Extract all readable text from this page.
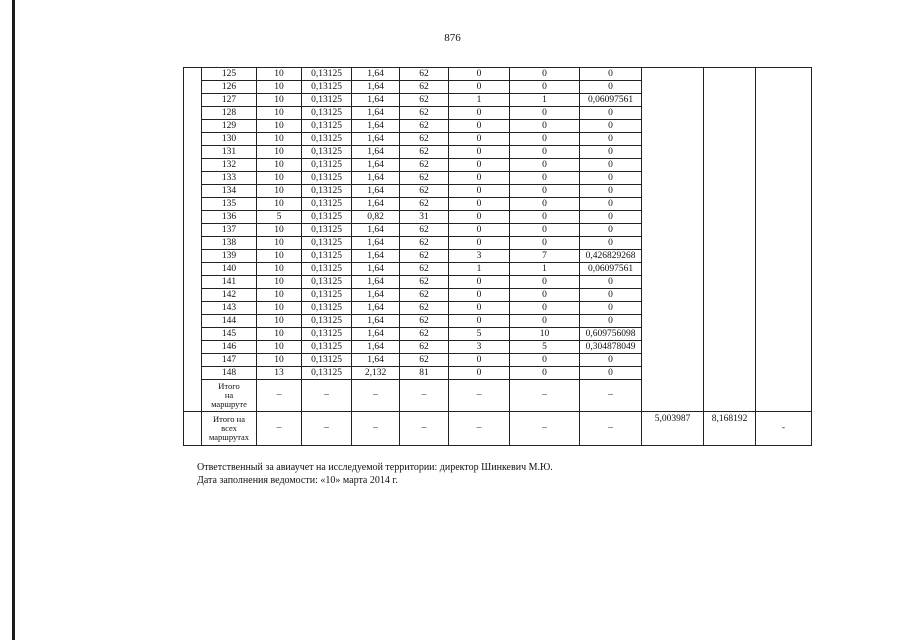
876
	125	10	0,13125	1,64	62	0	0	0			
	126	10	0,13125	1,64	62	0	0	0			
	127	10	0,13125	1,64	62	1	1	0,06097561			
	128	10	0,13125	1,64	62	0	0	0			
	129	10	0,13125	1,64	62	0	0	0			
	130	10	0,13125	1,64	62	0	0	0			
	131	10	0,13125	1,64	62	0	0	0			
	132	10	0,13125	1,64	62	0	0	0			
	133	10	0,13125	1,64	62	0	0	0			
	134	10	0,13125	1,64	62	0	0	0			
	135	10	0,13125	1,64	62	0	0	0			
	136	5	0,13125	0,82	31	0	0	0			
	137	10	0,13125	1,64	62	0	0	0			
	138	10	0,13125	1,64	62	0	0	0			
	139	10	0,13125	1,64	62	3	7	0,426829268			
	140	10	0,13125	1,64	62	1	1	0,06097561			
	141	10	0,13125	1,64	62	0	0	0			
	142	10	0,13125	1,64	62	0	0	0			
	143	10	0,13125	1,64	62	0	0	0			
	144	10	0,13125	1,64	62	0	0	0			
	145	10	0,13125	1,64	62	5	10	0,609756098			
	146	10	0,13125	1,64	62	3	5	0,304878049			
	147	10	0,13125	1,64	62	0	0	0			
	148	13	0,13125	2,132	81	0	0	0			

	Итого
на
маршруте	–	–	–	–	–	–	–			

	Итого на
всех
маршрутах	–	–	–	–	–	–	–	5,003987	8,168192	-
Ответственный за авиаучет на исследуемой территории: директор Шинкевич М.Ю.
Дата заполнения ведомости: «10» марта 2014 г.
